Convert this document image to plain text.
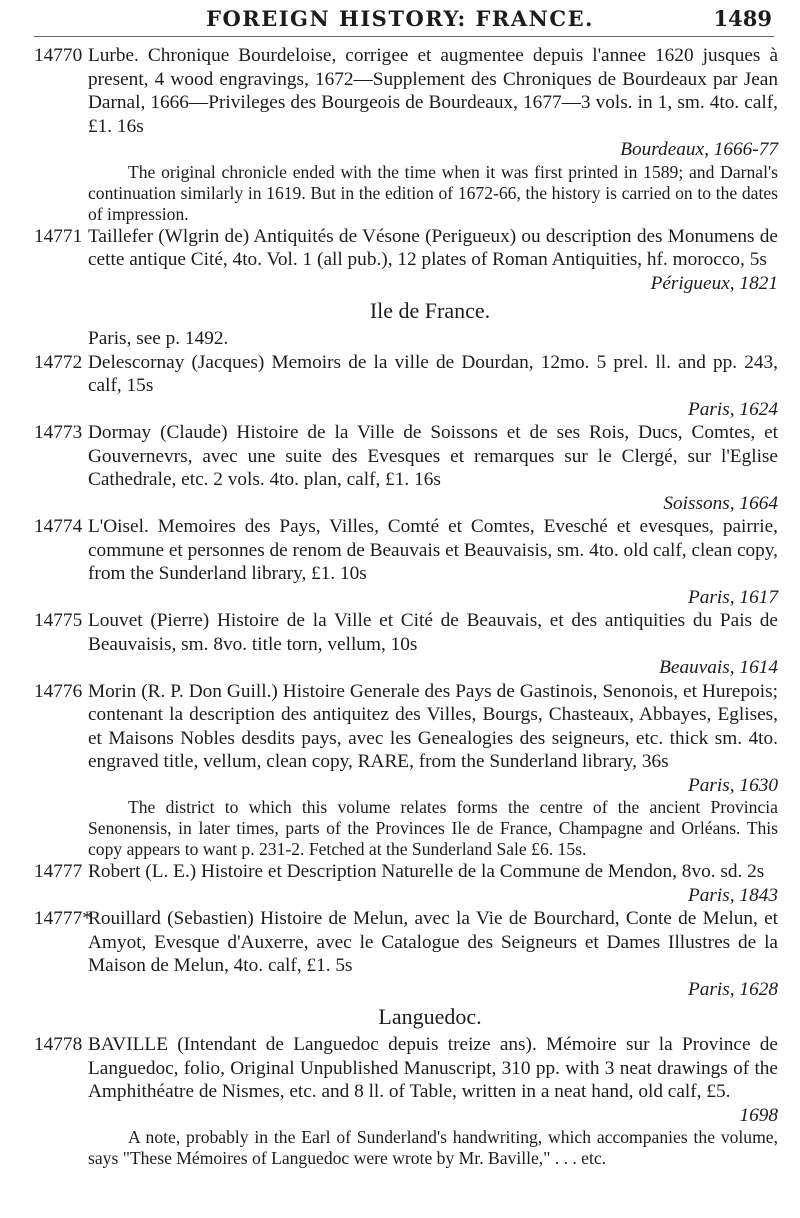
FOREIGN HISTORY: FRANCE.	1489
14770 Lurbe. Chronique Bourdeloise, corrigee et augmentee depuis l'annee 1620 jusques à present, 4 wood engravings, 1672—Supplement des Chroniques de Bourdeaux par Jean Darnal, 1666—Privileges des Bourgeois de Bourdeaux, 1677—3 vols. in 1, sm. 4to. calf, £1. 16s
Bourdeaux, 1666-77
The original chronicle ended with the time when it was first printed in 1589; and Darnal's continuation similarly in 1619. But in the edition of 1672-66, the history is carried on to the dates of impression.
14771 Taillefer (Wlgrin de) Antiquités de Vésone (Perigueux) ou description des Monumens de cette antique Cité, 4to. Vol. 1 (all pub.), 12 plates of Roman Antiquities, hf. morocco, 5s
Périgueux, 1821
Ile de France.
Paris, see p. 1492.
14772 Delescornay (Jacques) Memoirs de la ville de Dourdan, 12mo. 5 prel. ll. and pp. 243, calf, 15s
Paris, 1624
14773 Dormay (Claude) Histoire de la Ville de Soissons et de ses Rois, Ducs, Comtes, et Gouvernevrs, avec une suite des Evesques et remarques sur le Clergé, sur l'Eglise Cathedrale, etc. 2 vols. 4to. plan, calf, £1. 16s
Soissons, 1664
14774 L'Oisel. Memoires des Pays, Villes, Comté et Comtes, Evesché et evesques, pairrie, commune et personnes de renom de Beauvais et Beauvaisis, sm. 4to. old calf, clean copy, from the Sunderland library, £1. 10s
Paris, 1617
14775 Louvet (Pierre) Histoire de la Ville et Cité de Beauvais, et des antiquities du Pais de Beauvaisis, sm. 8vo. title torn, vellum, 10s
Beauvais, 1614
14776 Morin (R. P. Don Guill.) Histoire Generale des Pays de Gastinois, Senonois, et Hurepois; contenant la description des antiquitez des Villes, Bourgs, Chasteaux, Abbayes, Eglises, et Maisons Nobles desdits pays, avec les Genealogies des seigneurs, etc. thick sm. 4to. engraved title, vellum, clean copy, RARE, from the Sunderland library, 36s
Paris, 1630
The district to which this volume relates forms the centre of the ancient Provincia Senonensis, in later times, parts of the Provinces Ile de France, Champagne and Orléans. This copy appears to want p. 231-2. Fetched at the Sunderland Sale £6. 15s.
14777 Robert (L. E.) Histoire et Description Naturelle de la Commune de Mendon, 8vo. sd. 2s
Paris, 1843
14777*
Rouillard (Sebastien) Histoire de Melun, avec la Vie de Bourchard, Conte de Melun, et Amyot, Evesque d'Auxerre, avec le Catalogue des Seigneurs et Dames Illustres de la Maison de Melun, 4to. calf, £1. 5s
Paris, 1628
Languedoc.
14778 BAVILLE (Intendant de Languedoc depuis treize ans). Mémoire sur la Province de Languedoc, folio, Original Unpublished Manuscript, 310 pp. with 3 neat drawings of the Amphithéatre de Nismes, etc. and 8 ll. of Table, written in a neat hand, old calf, £5.
1698
A note, probably in the Earl of Sunderland's handwriting, which accompanies the volume, says "These Mémoires of Languedoc were wrote by Mr. Baville," . . . etc.
